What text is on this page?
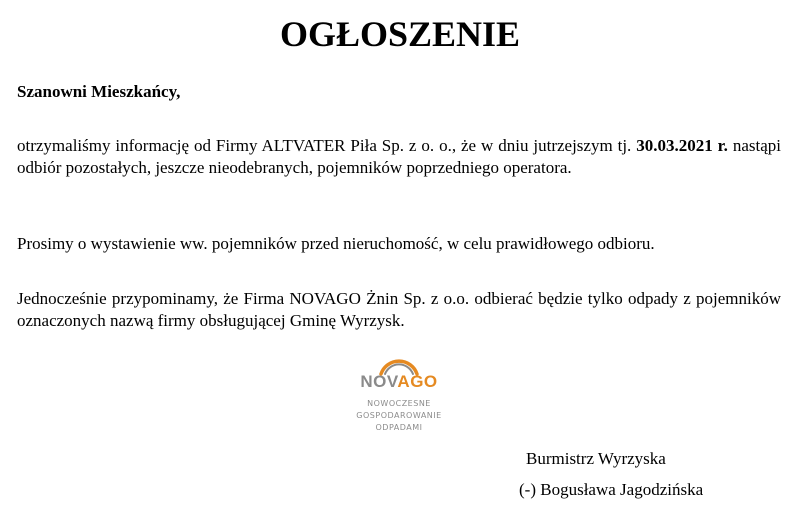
OGŁOSZENIE
Szanowni Mieszkańcy,
otrzymaliśmy informację od Firmy ALTVATER Piła Sp. z o. o., że w dniu jutrzejszym tj. 30.03.2021 r. nastąpi odbiór pozostałych, jeszcze nieodebranych, pojemników poprzedniego operatora.
Prosimy o wystawienie ww. pojemników przed nieruchomość, w celu prawidłowego odbioru.
Jednocześnie przypominamy, że Firma NOVAGO Żnin Sp. z o.o. odbierać będzie tylko odpady z pojemników oznaczonych nazwą firmy obsługującej Gminę Wyrzysk.
NOVAGO
NOWOCZESNE
GOSPODAROWANIE
ODPADAMI
Burmistrz Wyrzyska
(-) Bogusława Jagodzińska
